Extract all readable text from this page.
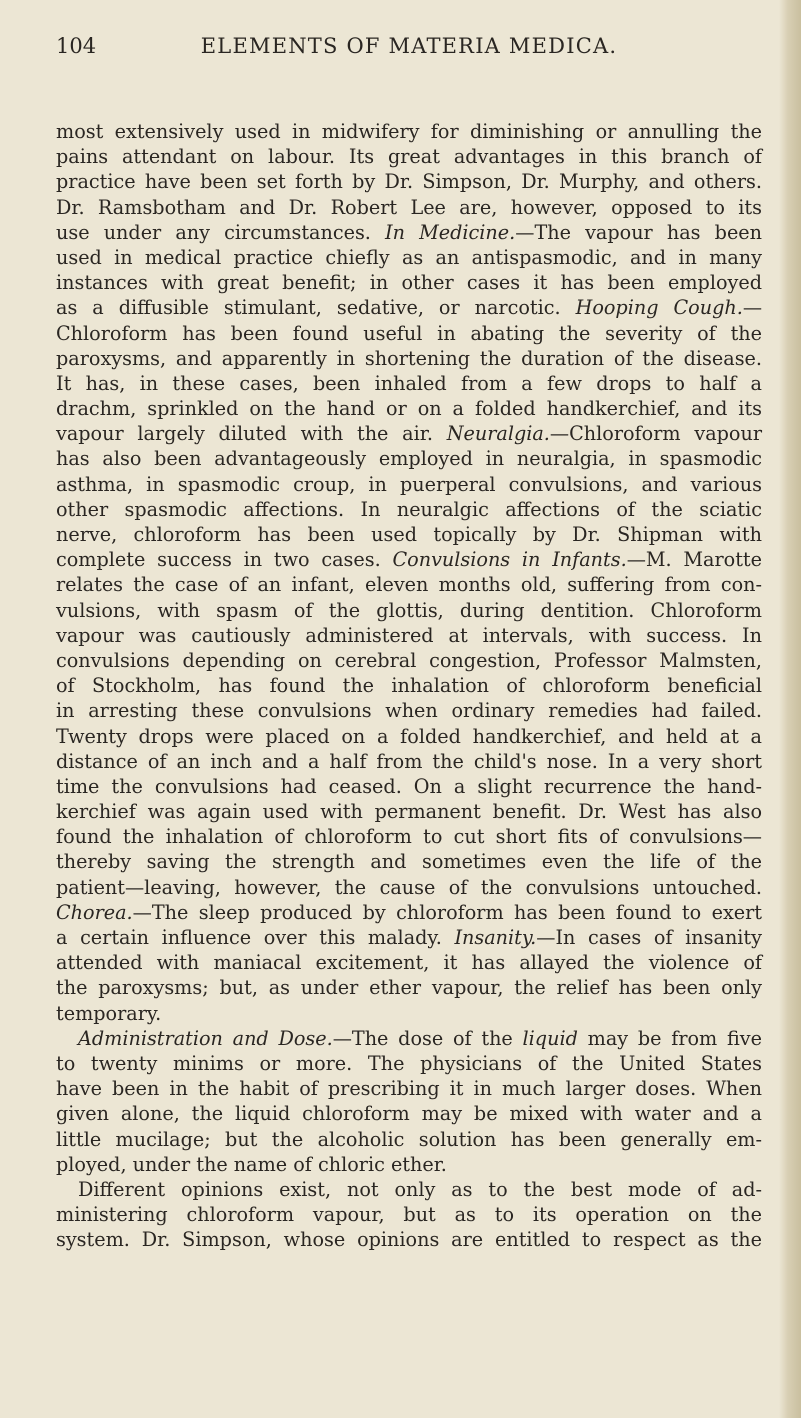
104	ELEMENTS OF MATERIA MEDICA.
most extensively used in midwifery for diminishing or annulling the
pains attendant on labour. Its great advantages in this branch of
practice have been set forth by Dr. Simpson, Dr. Murphy, and others.
Dr. Ramsbotham and Dr. Robert Lee are, however, opposed to its
use under any circumstances. In Medicine.—The vapour has been
used in medical practice chiefly as an antispasmodic, and in many
instances with great benefit; in other cases it has been employed
as a diffusible stimulant, sedative, or narcotic. Hooping Cough.—
Chloroform has been found useful in abating the severity of the
paroxysms, and apparently in shortening the duration of the disease.
It has, in these cases, been inhaled from a few drops to half a
drachm, sprinkled on the hand or on a folded handkerchief, and its
vapour largely diluted with the air. Neuralgia.—Chloroform vapour
has also been advantageously employed in neuralgia, in spasmodic
asthma, in spasmodic croup, in puerperal convulsions, and various
other spasmodic affections. In neuralgic affections of the sciatic
nerve, chloroform has been used topically by Dr. Shipman with
complete success in two cases. Convulsions in Infants.—M. Marotte
relates the case of an infant, eleven months old, suffering from con-
vulsions, with spasm of the glottis, during dentition. Chloroform
vapour was cautiously administered at intervals, with success. In
convulsions depending on cerebral congestion, Professor Malmsten,
of Stockholm, has found the inhalation of chloroform beneficial
in arresting these convulsions when ordinary remedies had failed.
Twenty drops were placed on a folded handkerchief, and held at a
distance of an inch and a half from the child's nose. In a very short
time the convulsions had ceased. On a slight recurrence the hand-
kerchief was again used with permanent benefit. Dr. West has also
found the inhalation of chloroform to cut short fits of convulsions—
thereby saving the strength and sometimes even the life of the
patient—leaving, however, the cause of the convulsions untouched.
Chorea.—The sleep produced by chloroform has been found to exert
a certain influence over this malady. Insanity.—In cases of insanity
attended with maniacal excitement, it has allayed the violence of
the paroxysms; but, as under ether vapour, the relief has been only
temporary.
Administration and Dose.—The dose of the liquid may be from five
to twenty minims or more. The physicians of the United States
have been in the habit of prescribing it in much larger doses. When
given alone, the liquid chloroform may be mixed with water and a
little mucilage; but the alcoholic solution has been generally em-
ployed, under the name of chloric ether.
Different opinions exist, not only as to the best mode of ad-
ministering chloroform vapour, but as to its operation on the
system. Dr. Simpson, whose opinions are entitled to respect as the
